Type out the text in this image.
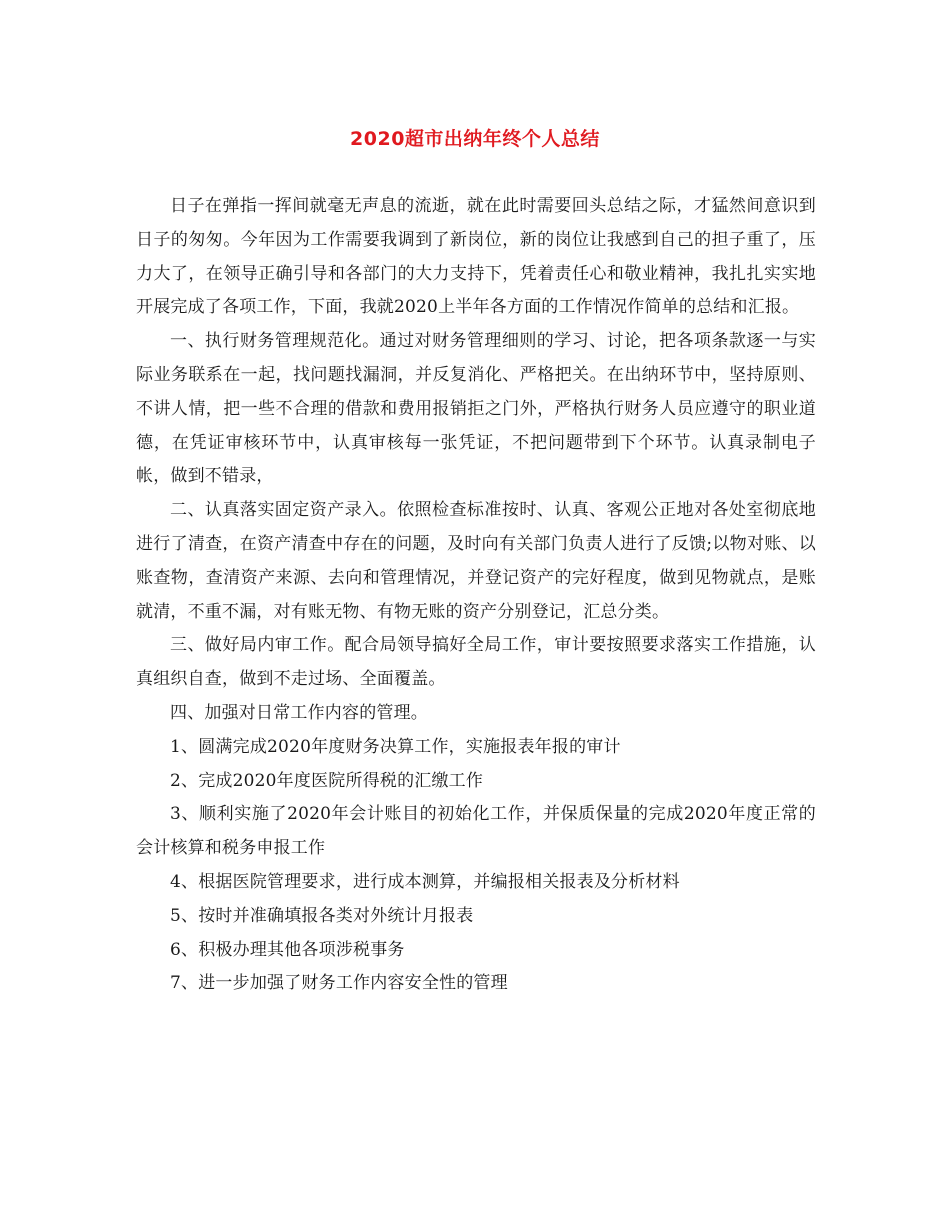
2020超市出纳年终个人总结

日子在弹指一挥间就毫无声息的流逝，就在此时需要回头总结之际，才猛然间意识到日子的匆匆。今年因为工作需要我调到了新岗位，新的岗位让我感到自己的担子重了，压力大了，在领导正确引导和各部门的大力支持下，凭着责任心和敬业精神，我扎扎实实地开展完成了各项工作，下面，我就2020上半年各方面的工作情况作简单的总结和汇报。

一、执行财务管理规范化。通过对财务管理细则的学习、讨论，把各项条款逐一与实际业务联系在一起，找问题找漏洞，并反复消化、严格把关。在出纳环节中，坚持原则、不讲人情，把一些不合理的借款和费用报销拒之门外，严格执行财务人员应遵守的职业道德，在凭证审核环节中，认真审核每一张凭证，不把问题带到下个环节。认真录制电子帐，做到不错录，

二、认真落实固定资产录入。依照检查标准按时、认真、客观公正地对各处室彻底地进行了清查，在资产清查中存在的问题，及时向有关部门负责人进行了反馈;以物对账、以账查物，查清资产来源、去向和管理情况，并登记资产的完好程度，做到见物就点，是账就清，不重不漏，对有账无物、有物无账的资产分别登记，汇总分类。

三、做好局内审工作。配合局领导搞好全局工作，审计要按照要求落实工作措施，认真组织自查，做到不走过场、全面覆盖。

四、加强对日常工作内容的管理。

1、圆满完成2020年度财务决算工作，实施报表年报的审计

2、完成2020年度医院所得税的汇缴工作

3、顺利实施了2020年会计账目的初始化工作，并保质保量的完成2020年度正常的会计核算和税务申报工作

4、根据医院管理要求，进行成本测算，并编报相关报表及分析材料

5、按时并准确填报各类对外统计月报表

6、积极办理其他各项涉税事务

7、进一步加强了财务工作内容安全性的管理
